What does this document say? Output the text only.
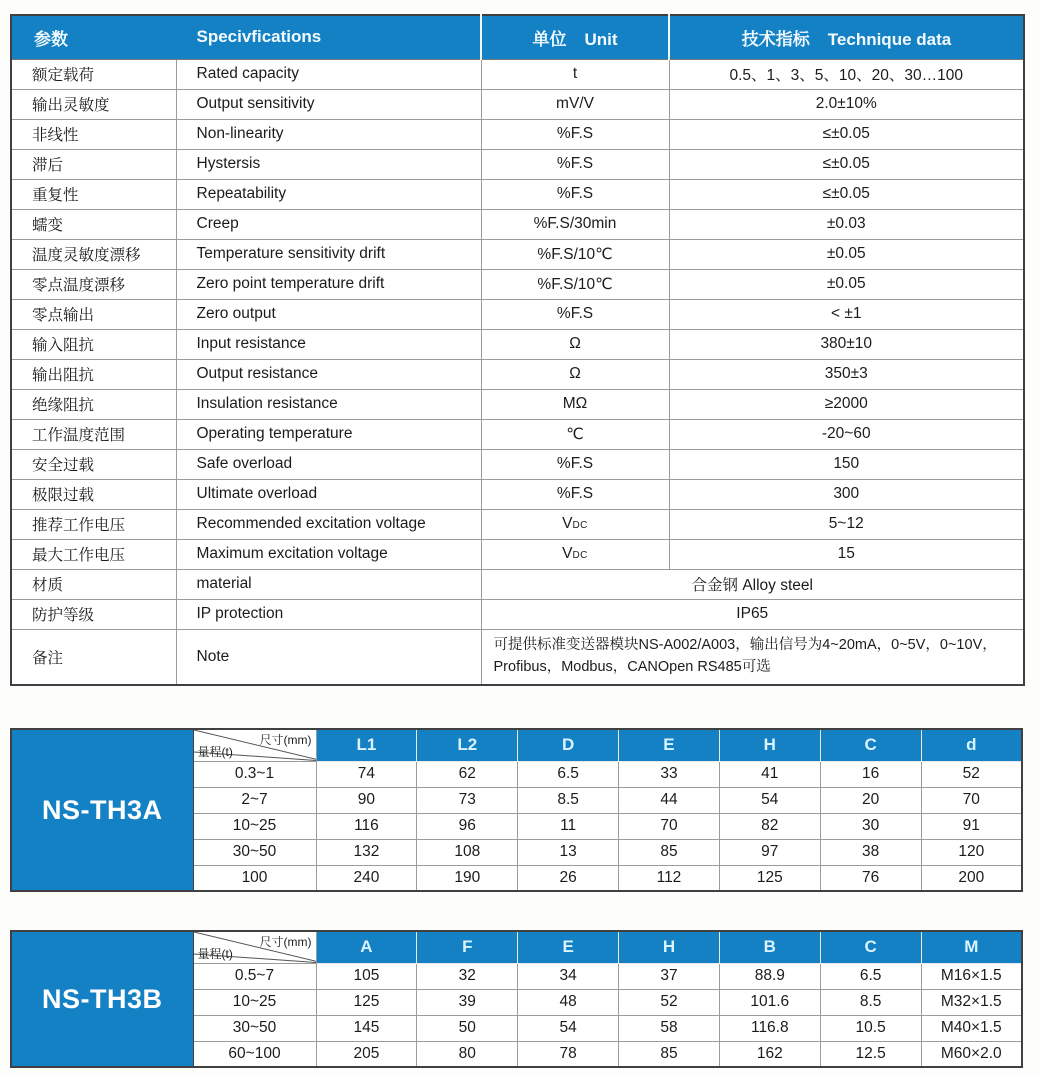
参数	Specivfications	单位 Unit	技术指标 Technique data
额定载荷	Rated capacity	t	0.5、1、3、5、10、20、30…100
输出灵敏度	Output sensitivity	mV/V	2.0±10%
非线性	Non-linearity	%F.S	≤±0.05
滞后	Hystersis	%F.S	≤±0.05
重复性	Repeatability	%F.S	≤±0.05
蠕变	Creep	%F.S/30min	±0.03
温度灵敏度漂移	Temperature sensitivity drift	%F.S/10℃	±0.05
零点温度漂移	Zero point temperature drift	%F.S/10℃	±0.05
零点输出	Zero output	%F.S	< ±1
输入阻抗	Input resistance	Ω	380±10
输出阻抗	Output resistance	Ω	350±3
绝缘阻抗	Insulation resistance	MΩ	≥2000
工作温度范围	Operating temperature	℃	-20~60
安全过载	Safe overload	%F.S	150
极限过载	Ultimate overload	%F.S	300
推荐工作电压	Recommended excitation voltage	VDC	5~12
最大工作电压	Maximum excitation voltage	VDC	15
材质	material	合金钢 Alloy steel	
防护等级	IP protection	IP65	
备注	Note	可提供标准变送器模块NS-A002/A003，输出信号为4~20mA，0~5V，0~10V，Profibus，Modbus，CANOpen RS485可选	
NS-TH3A	尺寸(mm)
量程(t)	L1	L2	D	E	H	C	d
	0.3~1	74	62	6.5	33	41	16	52
	2~7	90	73	8.5	44	54	20	70
	10~25	116	96	11	70	82	30	91
	30~50	132	108	13	85	97	38	120
	100	240	190	26	112	125	76	200
NS-TH3B	尺寸(mm)
量程(t)	A	F	E	H	B	C	M
	0.5~7	105	32	34	37	88.9	6.5	M16×1.5
	10~25	125	39	48	52	101.6	8.5	M32×1.5
	30~50	145	50	54	58	116.8	10.5	M40×1.5
	60~100	205	80	78	85	162	12.5	M60×2.0
